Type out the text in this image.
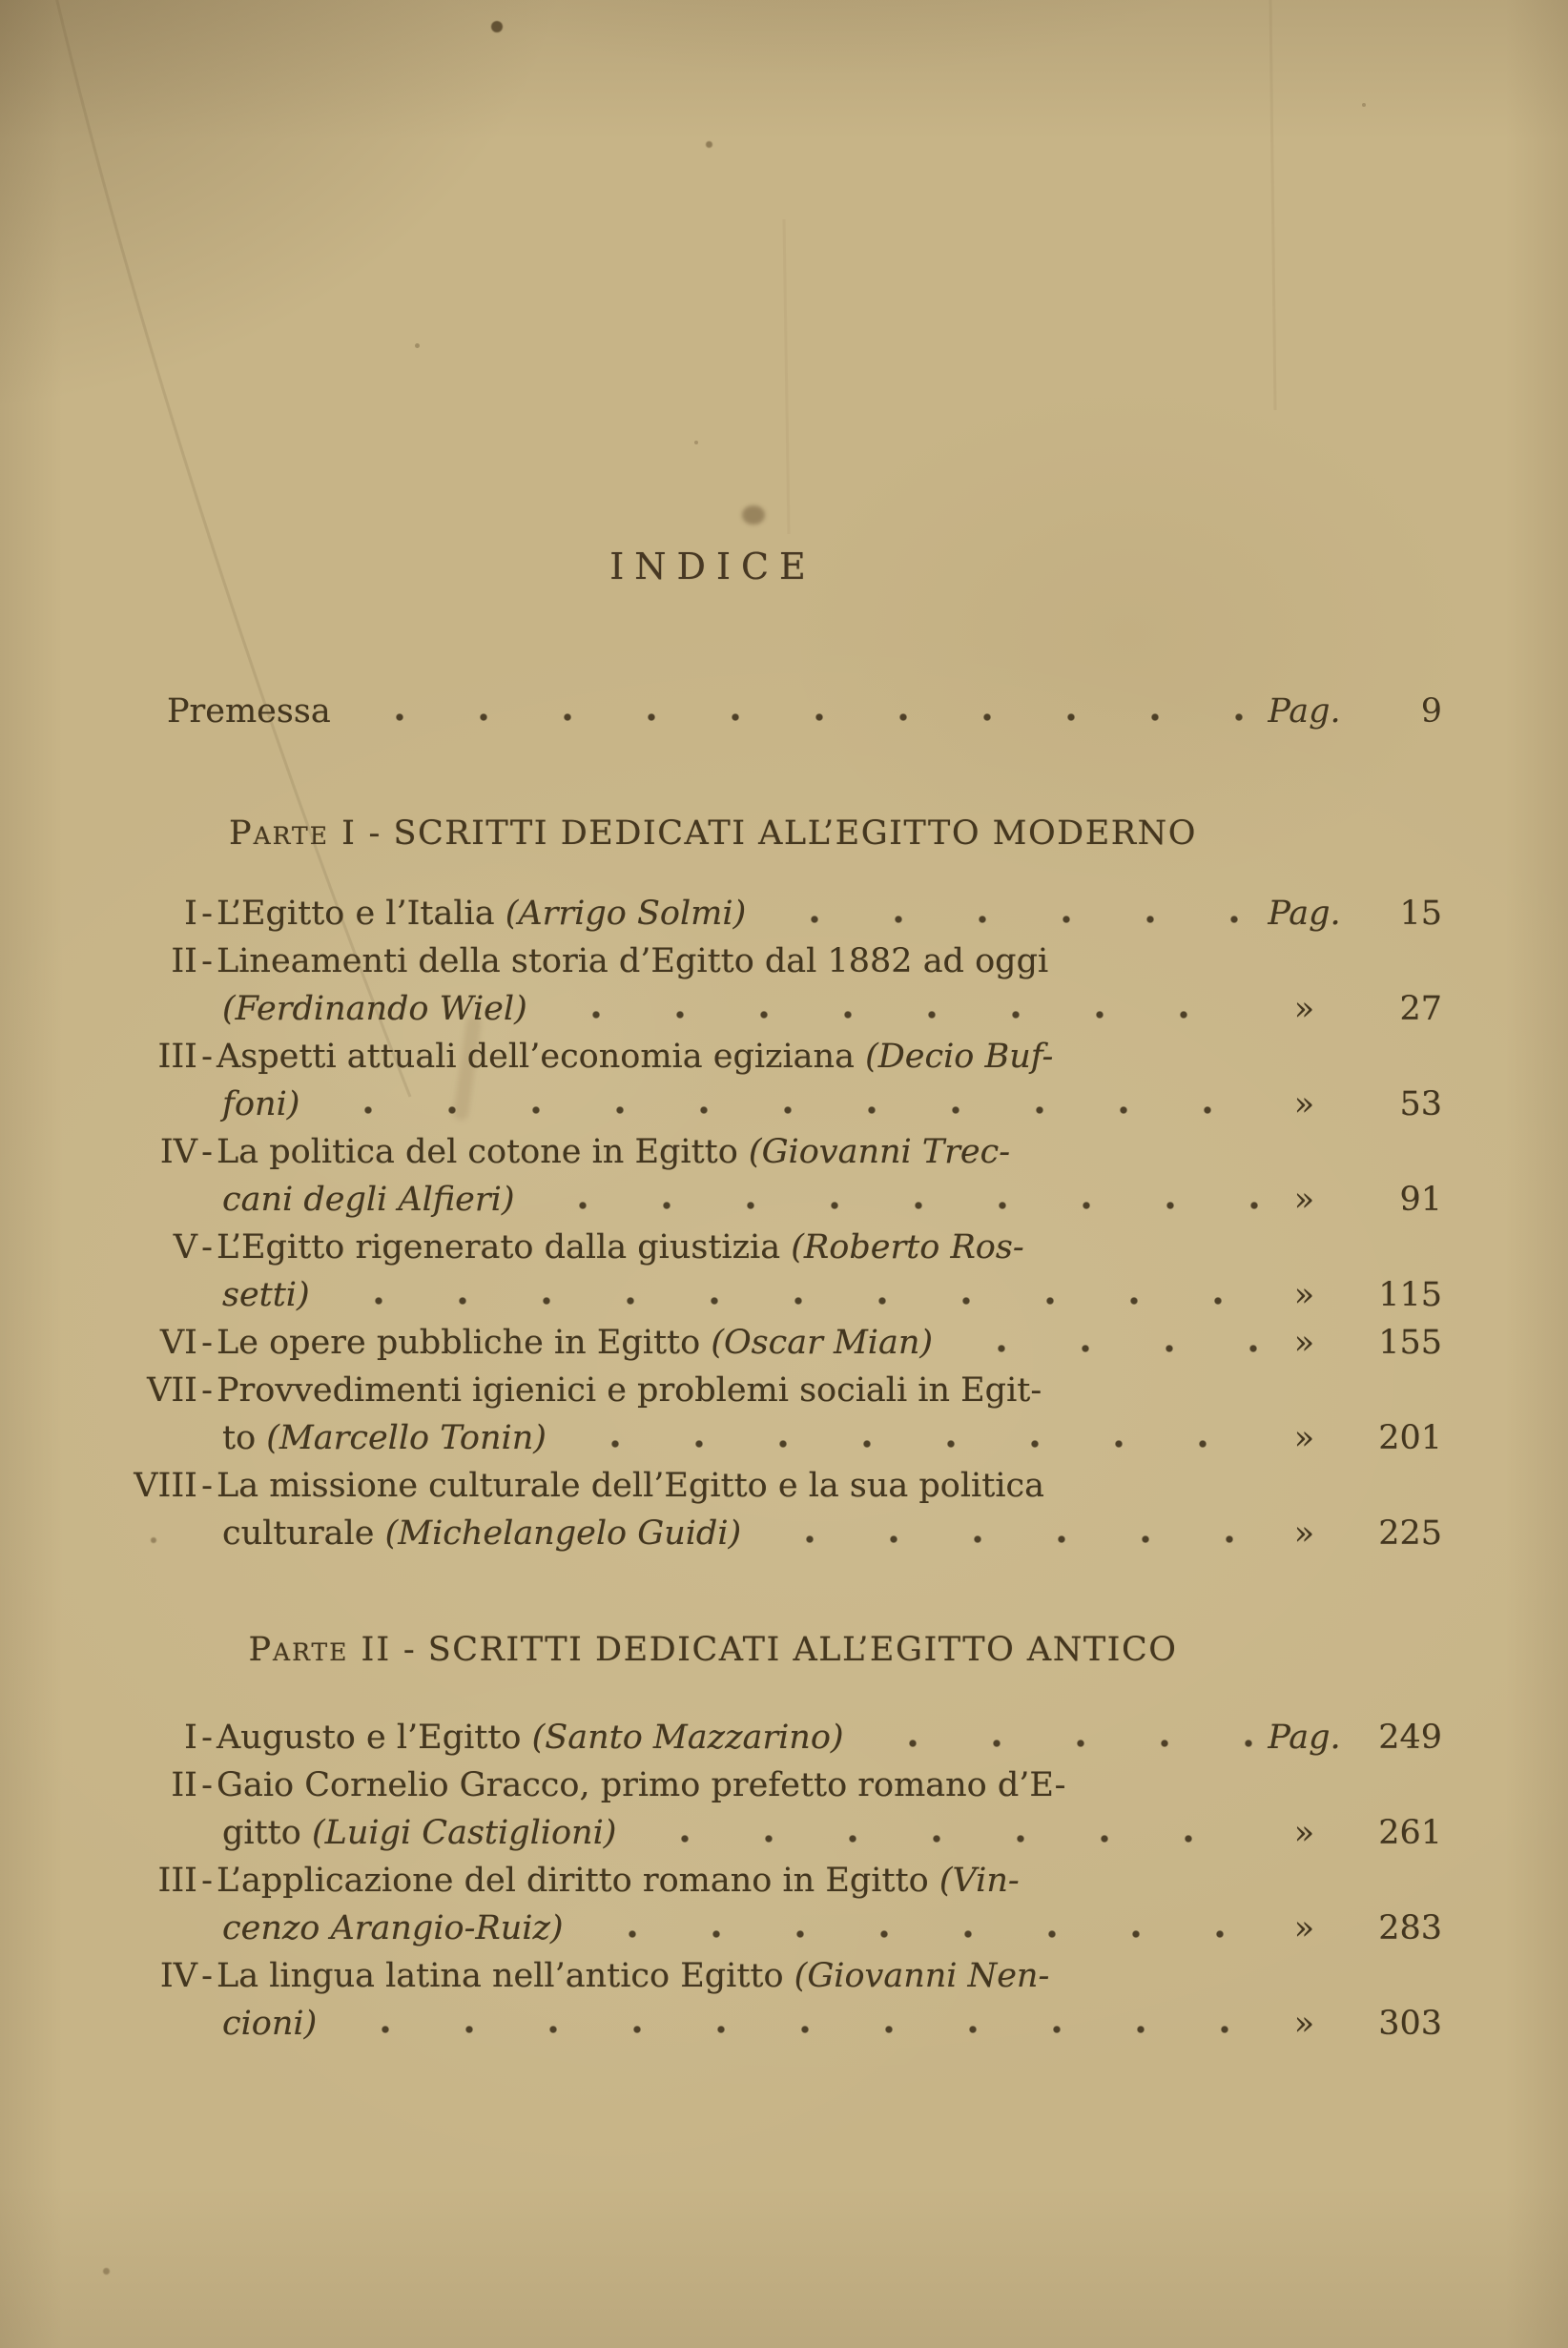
INDICE
Premessa	Pag.	9
Parte I - SCRITTI DEDICATI ALL’EGITTO MODERNO
I - L’Egitto e l’Italia (Arrigo Solmi)	Pag.	15
II - Lineamenti della storia d’Egitto dal 1882 ad oggi
(Ferdinando Wiel)	»	27
III - Aspetti attuali dell’economia egiziana (Decio Buf-
foni)	»	53
IV - La politica del cotone in Egitto (Giovanni Trec-
cani degli Alfieri)	»	91
V - L’Egitto rigenerato dalla giustizia (Roberto Ros-
setti)	»	115
VI - Le opere pubbliche in Egitto (Oscar Mian)	»	155
VII - Provvedimenti igienici e problemi sociali in Egit-
to (Marcello Tonin)	»	201
VIII - La missione culturale dell’Egitto e la sua politica
culturale (Michelangelo Guidi)	»	225
Parte II - SCRITTI DEDICATI ALL’EGITTO ANTICO
I - Augusto e l’Egitto (Santo Mazzarino)	Pag.	249
II - Gaio Cornelio Gracco, primo prefetto romano d’E-
gitto (Luigi Castiglioni)	»	261
III - L’applicazione del diritto romano in Egitto (Vin-
cenzo Arangio-Ruiz)	»	283
IV - La lingua latina nell’antico Egitto (Giovanni Nen-
cioni)	»	303
